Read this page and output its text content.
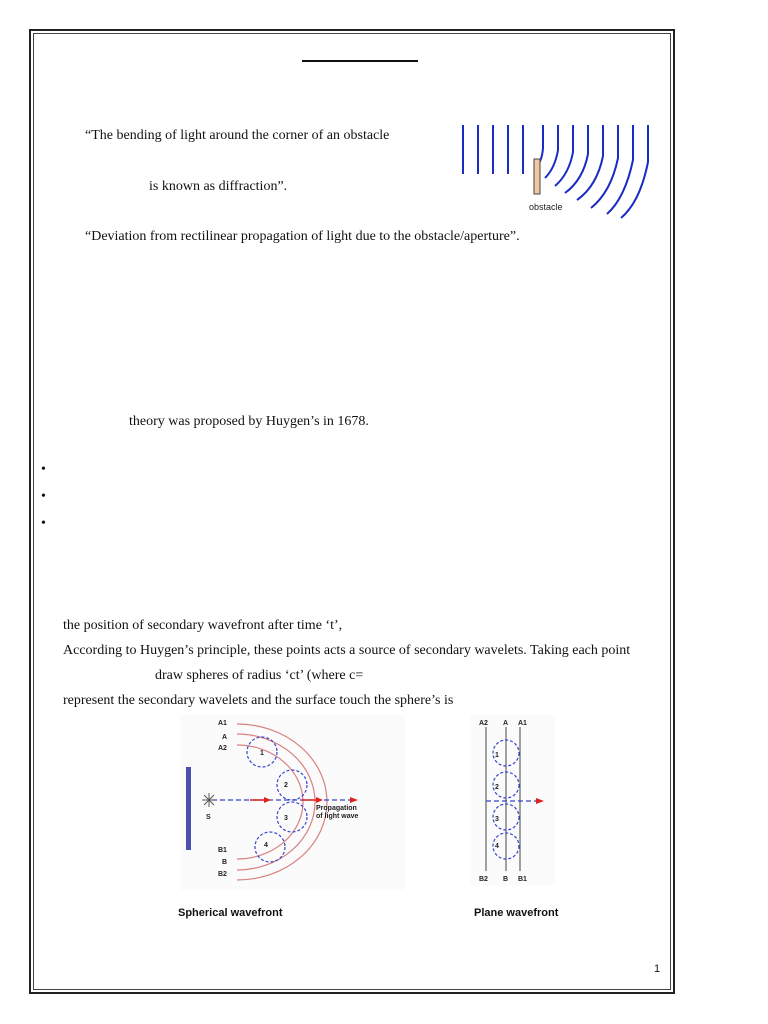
“The bending of light around the corner of an obstacle
is known as diffraction”.
“Deviation from rectilinear propagation of light due to the obstacle/aperture”.
obstacle
theory was proposed by Huygen’s in 1678.
•
•
•
the position of secondary wavefront after time ‘t’,
According to Huygen’s principle, these points acts a source of secondary wavelets. Taking each point
draw spheres of radius ‘ct’ (where c=
represent the secondary wavelets and the surface touch the sphere’s is
A1
A
A2
S
B1
B
B2
1
2
3
4
Propagation
of light wave
A2 A A1
1
2
3
4
B2 B B1
Spherical wavefront	Plane wavefront
1
